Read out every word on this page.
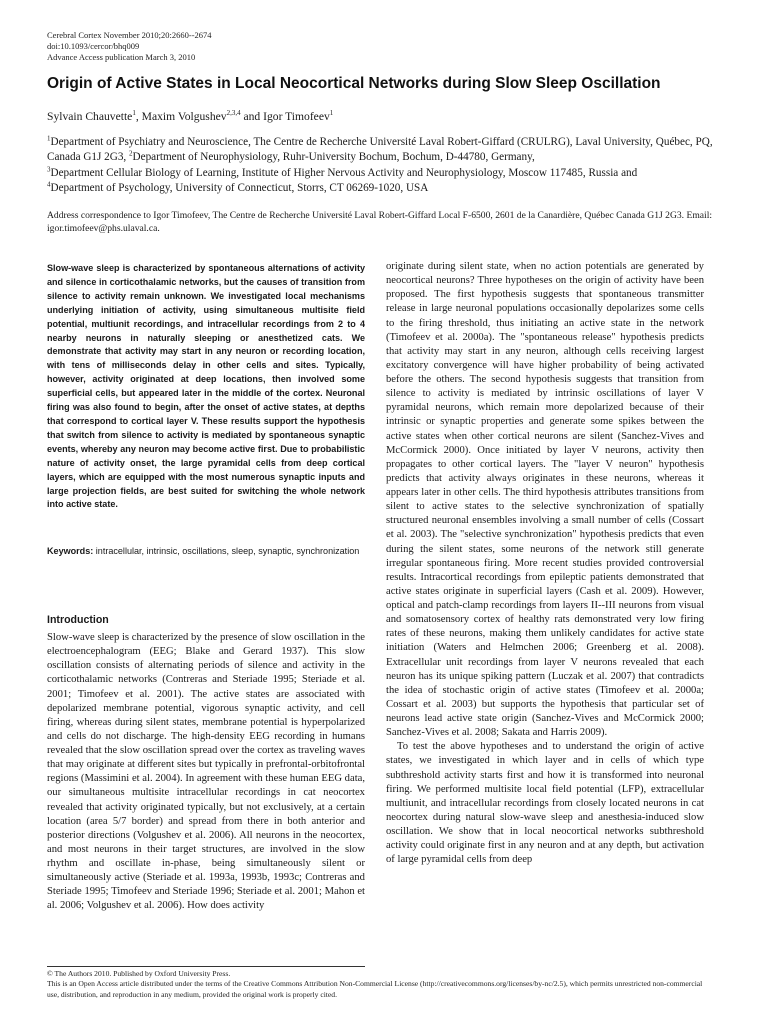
Cerebral Cortex November 2010;20:2660--2674
doi:10.1093/cercor/bhq009
Advance Access publication March 3, 2010
Origin of Active States in Local Neocortical Networks during Slow Sleep Oscillation
Sylvain Chauvette$^1$, Maxim Volgushev$^{2,3,4}$ and Igor Timofeev$^1$
$^1$Department of Psychiatry and Neuroscience, The Centre de Recherche Université Laval Robert-Giffard (CRULRG), Laval University, Québec, PQ, Canada G1J 2G3, $^2$Department of Neurophysiology, Ruhr-University Bochum, Bochum, D-44780, Germany,
$^3$Department Cellular Biology of Learning, Institute of Higher Nervous Activity and Neurophysiology, Moscow 117485, Russia and
$^4$Department of Psychology, University of Connecticut, Storrs, CT 06269-1020, USA
Address correspondence to Igor Timofeev, The Centre de Recherche Université Laval Robert-Giffard Local F-6500, 2601 de la Canardière, Québec Canada G1J 2G3. Email: igor.timofeev@phs.ulaval.ca.
Slow-wave sleep is characterized by spontaneous alternations of activity and silence in corticothalamic networks, but the causes of transition from silence to activity remain unknown. We investigated local mechanisms underlying initiation of activity, using simultaneous multisite field potential, multiunit recordings, and intracellular recordings from 2 to 4 nearby neurons in naturally sleeping or anesthetized cats. We demonstrate that activity may start in any neuron or recording location, with tens of milliseconds delay in other cells and sites. Typically, however, activity originated at deep locations, then involved some superficial cells, but appeared later in the middle of the cortex. Neuronal firing was also found to begin, after the onset of active states, at depths that correspond to cortical layer V. These results support the hypothesis that switch from silence to activity is mediated by spontaneous synaptic events, whereby any neuron may become active first. Due to probabilistic nature of activity onset, the large pyramidal cells from deep cortical layers, which are equipped with the most numerous synaptic inputs and large projection fields, are best suited for switching the whole network into active state.
Keywords: intracellular, intrinsic, oscillations, sleep, synaptic, synchronization
Introduction
Slow-wave sleep is characterized by the presence of slow oscillation in the electroencephalogram (EEG; Blake and Gerard 1937). This slow oscillation consists of alternating periods of silence and activity in the corticothalamic networks (Contreras and Steriade 1995; Steriade et al. 2001; Timofeev et al. 2001). The active states are associated with depolarized membrane potential, vigorous synaptic activity, and cell firing, whereas during silent states, membrane potential is hyperpolarized and cells do not discharge. The high-density EEG recording in humans revealed that the slow oscillation spread over the cortex as traveling waves that may originate at different sites but typically in prefrontal-orbitofrontal regions (Massimini et al. 2004). In agreement with these human EEG data, our simultaneous multisite intracellular recordings in cat neocortex revealed that activity originated typically, but not exclusively, at a certain location (area 5/7 border) and spread from there in both anterior and posterior directions (Volgushev et al. 2006). All neurons in the neocortex, and most neurons in their target structures, are involved in the slow rhythm and oscillate in-phase, being simultaneously silent or simultaneously active (Steriade et al. 1993a, 1993b, 1993c; Contreras and Steriade 1995; Timofeev and Steriade 1996; Steriade et al. 2001; Mahon et al. 2006; Volgushev et al. 2006). How does activity

originate during silent state, when no action potentials are generated by neocortical neurons? Three hypotheses on the origin of activity have been proposed. The first hypothesis suggests that spontaneous transmitter release in large neuronal populations occasionally depolarizes some cells to the firing threshold, thus initiating an active state in the network (Timofeev et al. 2000a). The "spontaneous release" hypothesis predicts that activity may start in any neuron, although cells receiving largest excitatory convergence will have higher probability of being activated before the others. The second hypothesis suggests that transition from silence to activity is mediated by intrinsic oscillations of layer V pyramidal neurons, which remain more depolarized because of their intrinsic or synaptic properties and generate some spikes between the active states when other cortical neurons are silent (Sanchez-Vives and McCormick 2000). Once initiated by layer V neurons, activity then propagates to other cortical layers. The "layer V neuron" hypothesis predicts that activity always originates in these neurons, whereas it appears later in other cells. The third hypothesis attributes transitions from silent to active states to the selective synchronization of spatially structured neuronal ensembles involving a small number of cells (Cossart et al. 2003). The "selective synchronization" hypothesis predicts that even during the silent states, some neurons of the network still generate irregular spontaneous firing. More recent studies provided controversial results. Intracortical recordings from epileptic patients demonstrated that active states originate in superficial layers (Cash et al. 2009). However, optical and patch-clamp recordings from layers II--III neurons from visual and somatosensory cortex of healthy rats demonstrated very low firing rates of these neurons, making them unlikely candidates for active state initiation (Waters and Helmchen 2006; Greenberg et al. 2008). Extracellular unit recordings from layer V neurons revealed that each neuron has its unique spiking pattern (Luczak et al. 2007) that contradicts the idea of stochastic origin of active states (Timofeev et al. 2000a; Cossart et al. 2003) but supports the hypothesis that particular set of neurons lead active state origin (Sanchez-Vives and McCormick 2000; Sanchez-Vives et al. 2008; Sakata and Harris 2009).

To test the above hypotheses and to understand the origin of active states, we investigated in which layer and in cells of which type subthreshold activity starts first and how it is transformed into neuronal firing. We performed multisite local field potential (LFP), extracellular multiunit, and intracellular recordings from closely located neurons in cat neocortex during natural slow-wave sleep and anesthesia-induced slow oscillation. We show that in local neocortical networks subthreshold activity could originate first in any neuron and at any depth, but activation of large pyramidal cells from deep

© The Authors 2010. Published by Oxford University Press.
This is an Open Access article distributed under the terms of the Creative Commons Attribution Non-Commercial License (http://creativecommons.org/licenses/by-nc/2.5), which permits unrestricted non-commercial use, distribution, and reproduction in any medium, provided the original work is properly cited.
